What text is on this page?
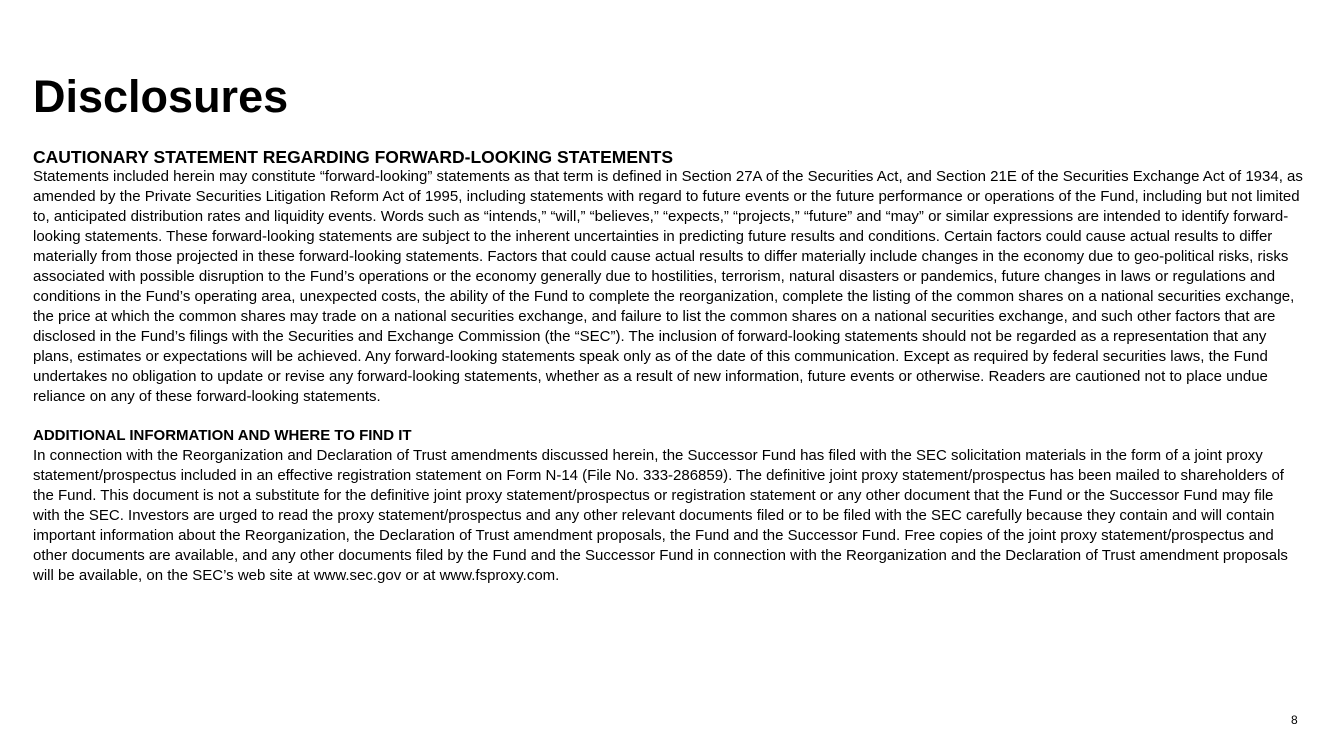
Disclosures
CAUTIONARY STATEMENT REGARDING FORWARD-LOOKING STATEMENTS

Statements included herein may constitute “forward-looking” statements as that term is defined in Section 27A of the Securities Act, and Section 21E of the Securities Exchange Act of 1934, as amended by the Private Securities Litigation Reform Act of 1995, including statements with regard to future events or the future performance or operations of the Fund, including but not limited to, anticipated distribution rates and liquidity events. Words such as “intends,” “will,” “believes,” “expects,” “projects,” “future” and “may” or similar expressions are intended to identify forward-looking statements. These forward-looking statements are subject to the inherent uncertainties in predicting future results and conditions. Certain factors could cause actual results to differ materially from those projected in these forward-looking statements. Factors that could cause actual results to differ materially include changes in the economy due to geo-political risks, risks associated with possible disruption to the Fund’s operations or the economy generally due to hostilities, terrorism, natural disasters or pandemics, future changes in laws or regulations and conditions in the Fund’s operating area, unexpected costs, the ability of the Fund to complete the reorganization, complete the listing of the common shares on a national securities exchange, the price at which the common shares may trade on a national securities exchange, and failure to list the common shares on a national securities exchange, and such other factors that are disclosed in the Fund’s filings with the Securities and Exchange Commission (the “SEC”). The inclusion of forward-looking statements should not be regarded as a representation that any plans, estimates or expectations will be achieved. Any forward-looking statements speak only as of the date of this communication. Except as required by federal securities laws, the Fund undertakes no obligation to update or revise any forward-looking statements, whether as a result of new information, future events or otherwise. Readers are cautioned not to place undue reliance on any of these forward-looking statements.

ADDITIONAL INFORMATION AND WHERE TO FIND IT

In connection with the Reorganization and Declaration of Trust amendments discussed herein, the Successor Fund has filed with the SEC solicitation materials in the form of a joint proxy statement/prospectus included in an effective registration statement on Form N-14 (File No. 333-286859). The definitive joint proxy statement/prospectus has been mailed to shareholders of the Fund. This document is not a substitute for the definitive joint proxy statement/prospectus or registration statement or any other document that the Fund or the Successor Fund may file with the SEC. Investors are urged to read the proxy statement/prospectus and any other relevant documents filed or to be filed with the SEC carefully because they contain and will contain important information about the Reorganization, the Declaration of Trust amendment proposals, the Fund and the Successor Fund. Free copies of the joint proxy statement/prospectus and other documents are available, and any other documents filed by the Fund and the Successor Fund in connection with the Reorganization and the Declaration of Trust amendment proposals will be available, on the SEC’s web site at www.sec.gov or at www.fsproxy.com.

8
